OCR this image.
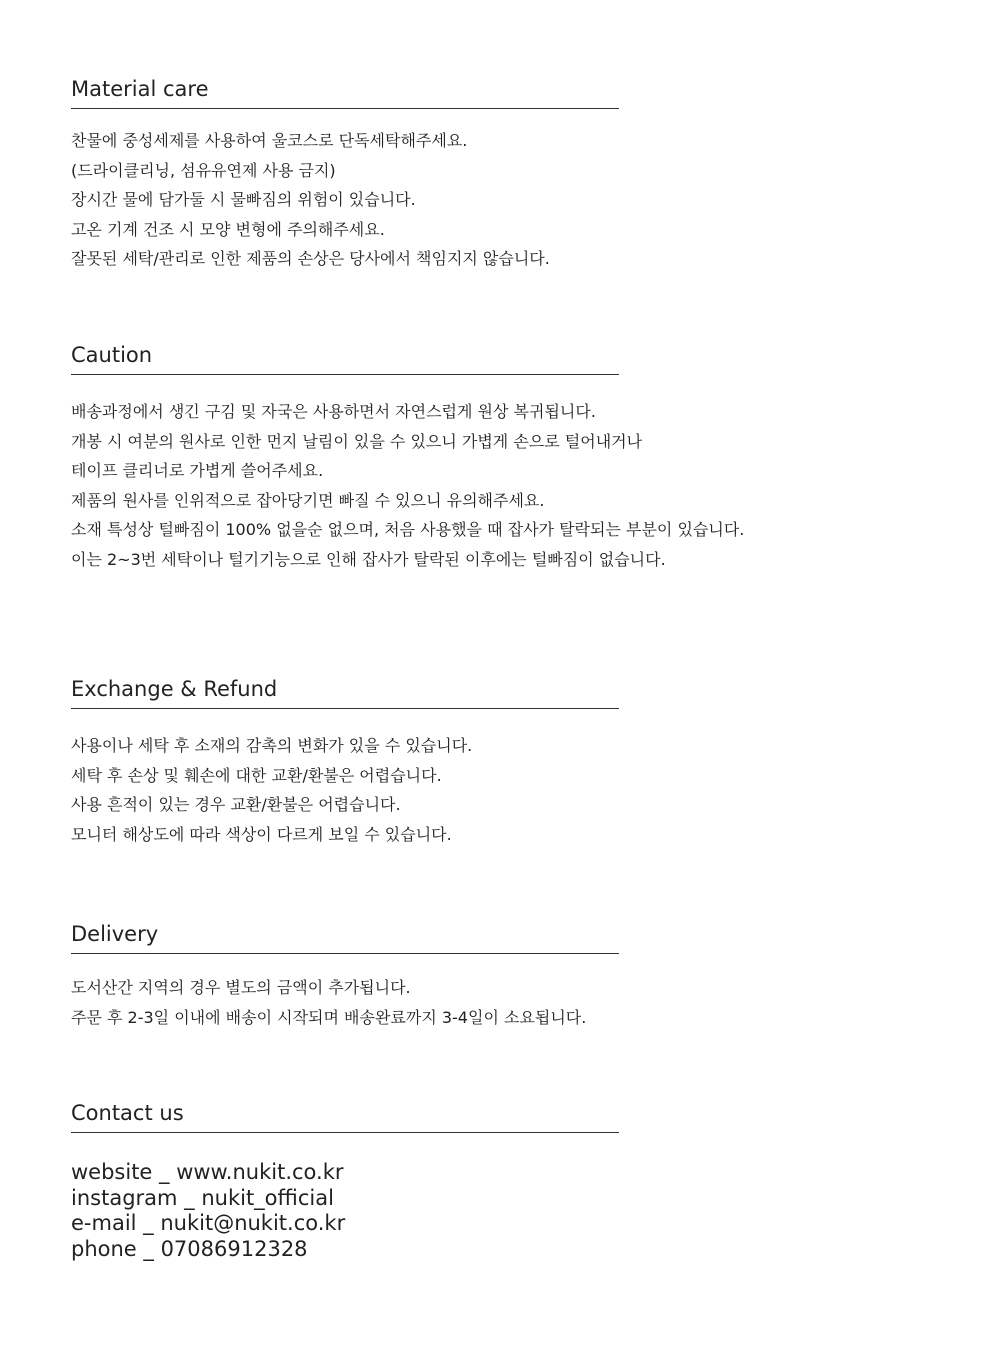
Material care
찬물에 중성세제를 사용하여 울코스로 단독세탁해주세요.
(드라이클리닝, 섬유유연제 사용 금지)
장시간 물에 담가둘 시 물빠짐의 위험이 있습니다.
고온 기계 건조 시 모양 변형에 주의해주세요.
잘못된 세탁/관리로 인한 제품의 손상은 당사에서 책임지지 않습니다.
Caution
배송과정에서 생긴 구김 및 자국은 사용하면서 자연스럽게 원상 복귀됩니다.
개봉 시 여분의 원사로 인한 먼지 날림이 있을 수 있으니 가볍게 손으로 털어내거나
테이프 클리너로 가볍게 쓸어주세요.
제품의 원사를 인위적으로 잡아당기면 빠질 수 있으니 유의해주세요.
소재 특성상 털빠짐이 100% 없을순 없으며, 처음 사용했을 때 잡사가 탈락되는 부분이 있습니다.
이는 2~3번 세탁이나 털기기능으로 인해 잡사가 탈락된 이후에는 털빠짐이 없습니다.
Exchange & Refund
사용이나 세탁 후 소재의 감촉의 변화가 있을 수 있습니다.
세탁 후 손상 및 훼손에 대한 교환/환불은 어렵습니다.
사용 흔적이 있는 경우 교환/환불은 어렵습니다.
모니터 해상도에 따라 색상이 다르게 보일 수 있습니다.
Delivery
도서산간 지역의 경우 별도의 금액이 추가됩니다.
주문 후 2-3일 이내에 배송이 시작되며 배송완료까지 3-4일이 소요됩니다.
Contact us
website _ www.nukit.co.kr
instagram _ nukit_official
e-mail _ nukit@nukit.co.kr
phone _ 07086912328
